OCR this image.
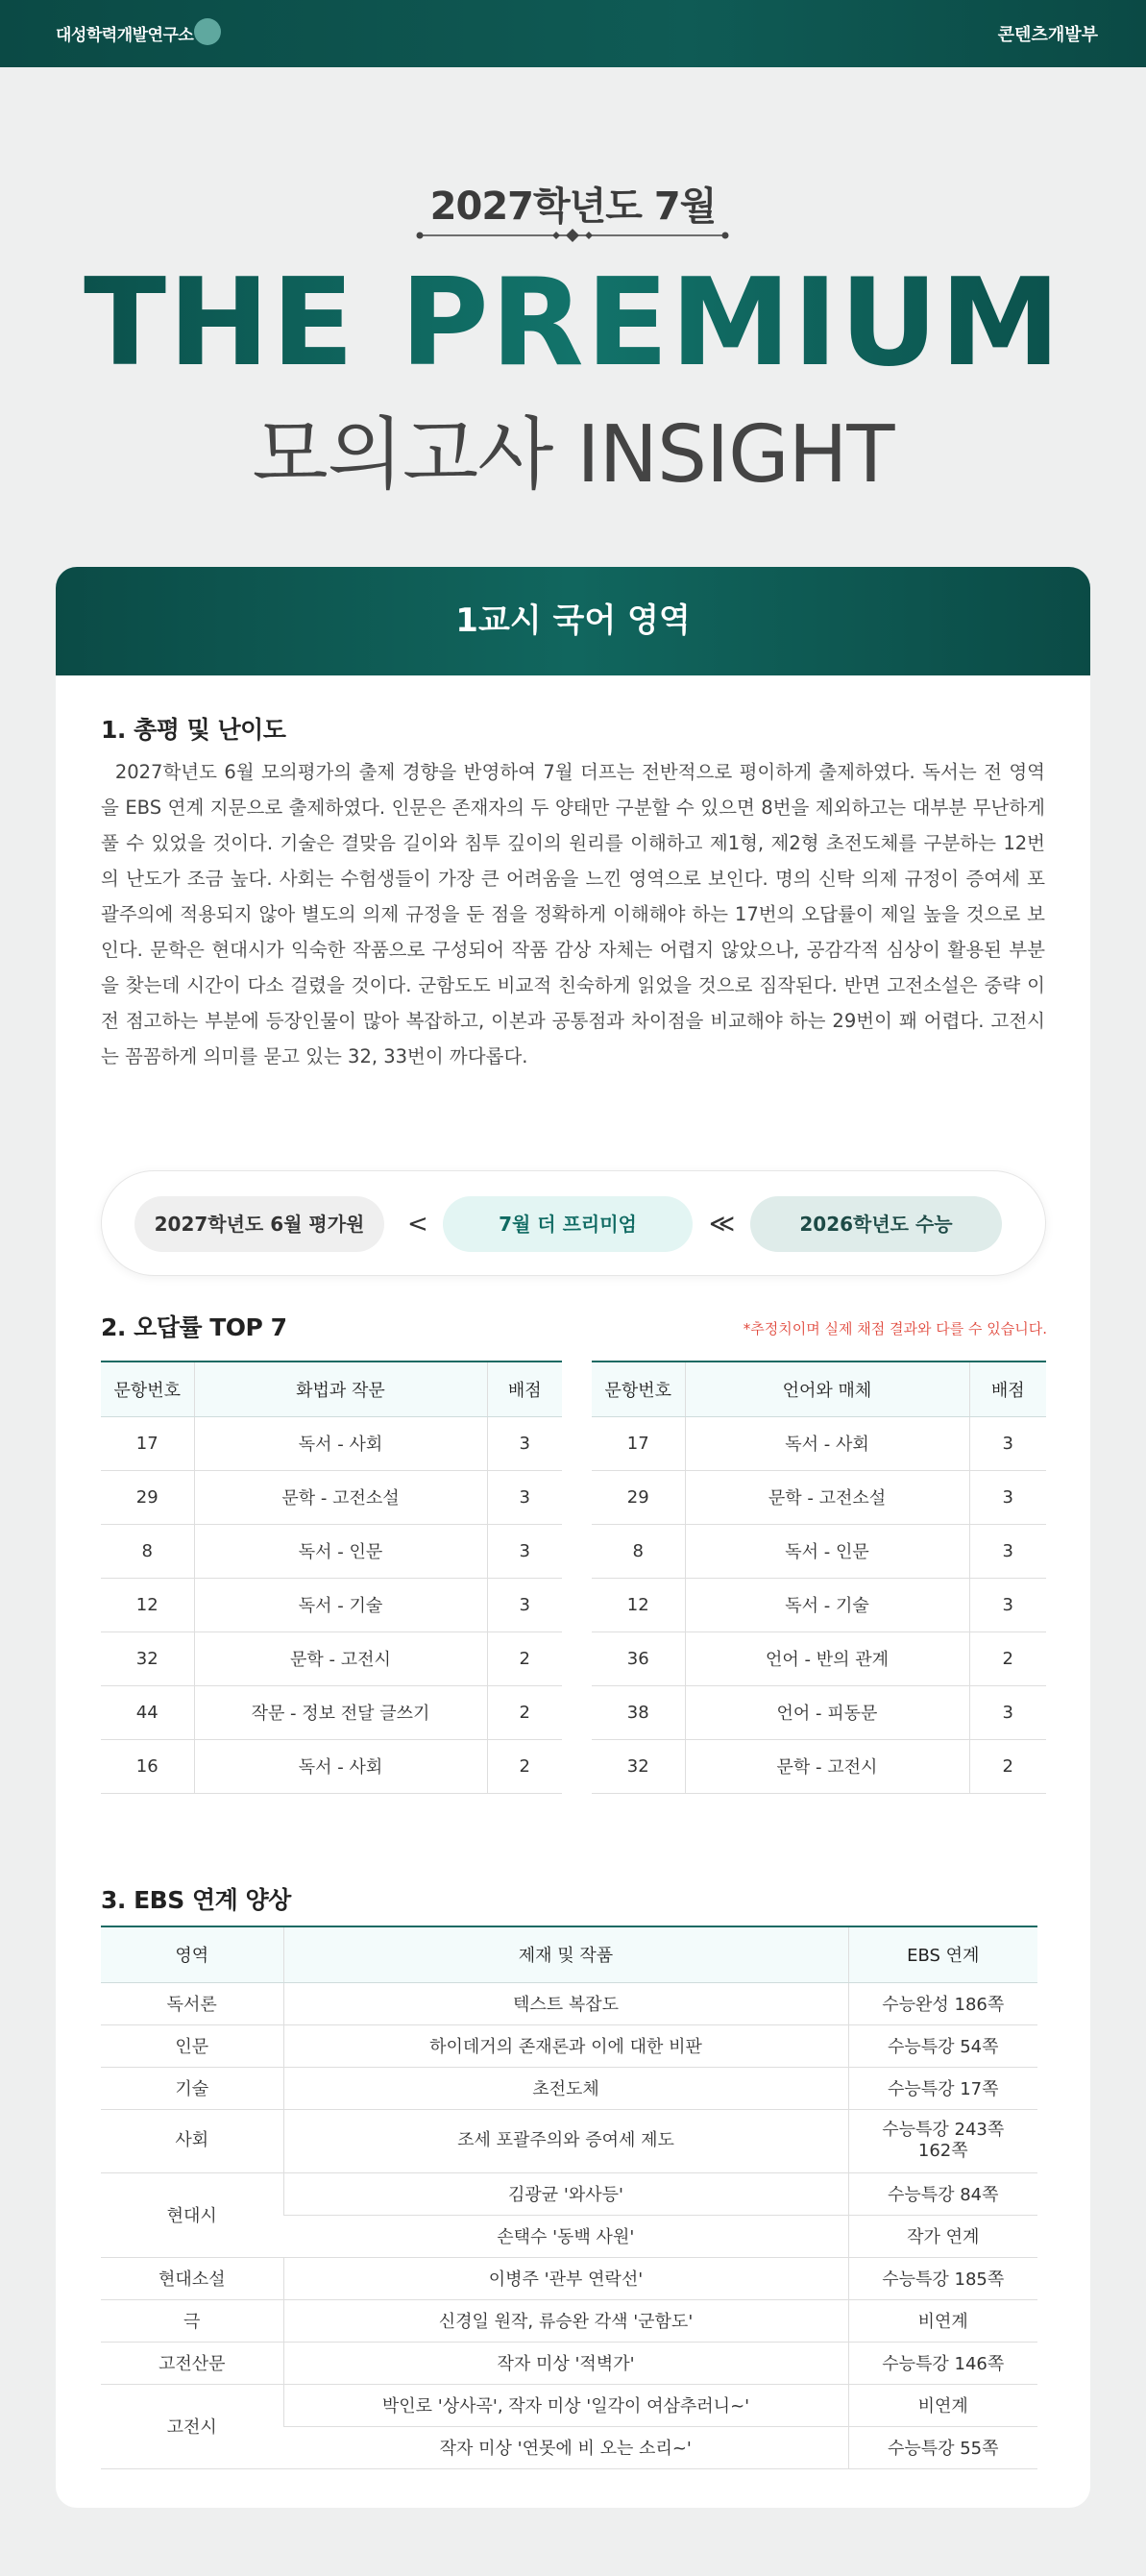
대성학력개발연구소	콘텐츠개발부
2027학년도 7월
THE PREMIUM
모의고사 INSIGHT
1교시 국어 영역
1. 총평 및 난이도

2027학년도 6월 모의평가의 출제 경향을 반영하여 7월 더프는 전반적으로 평이하게 출제하였다. 독서는 전 영역을 EBS 연계 지문으로 출제하였다. 인문은 존재자의 두 양태만 구분할 수 있으면 8번을 제외하고는 대부분 무난하게 풀 수 있었을 것이다. 기술은 결맞음 길이와 침투 깊이의 원리를 이해하고 제1형, 제2형 초전도체를 구분하는 12번의 난도가 조금 높다. 사회는 수험생들이 가장 큰 어려움을 느낀 영역으로 보인다. 명의 신탁 의제 규정이 증여세 포괄주의에 적용되지 않아 별도의 의제 규정을 둔 점을 정확하게 이해해야 하는 17번의 오답률이 제일 높을 것으로 보인다. 문학은 현대시가 익숙한 작품으로 구성되어 작품 감상 자체는 어렵지 않았으나, 공감각적 심상이 활용된 부분을 찾는데 시간이 다소 걸렸을 것이다. 군함도도 비교적 친숙하게 읽었을 것으로 짐작된다. 반면 고전소설은 중략 이전 점고하는 부분에 등장인물이 많아 복잡하고, 이본과 공통점과 차이점을 비교해야 하는 29번이 꽤 어렵다. 고전시는 꼼꼼하게 의미를 묻고 있는 32, 33번이 까다롭다.

2027학년도 6월 평가원	<	7월 더 프리미엄	≪	2026학년도 수능
2. 오답률 TOP 7	*추정치이며 실제 채점 결과와 다를 수 있습니다.
문항번호	화법과 작문	배점
17	독서 - 사회	3
29	문학 - 고전소설	3
8	독서 - 인문	3
12	독서 - 기술	3
32	문학 - 고전시	2
44	작문 - 정보 전달 글쓰기	2
16	독서 - 사회	2
문항번호	언어와 매체	배점
17	독서 - 사회	3
29	문학 - 고전소설	3
8	독서 - 인문	3
12	독서 - 기술	3
36	언어 - 반의 관계	2
38	언어 - 피동문	3
32	문학 - 고전시	2
3. EBS 연계 양상
영역	제재 및 작품	EBS 연계
독서론	텍스트 복잡도	수능완성 186쪽
인문	하이데거의 존재론과 이에 대한 비판	수능특강 54쪽
기술	초전도체	수능특강 17쪽
사회	조세 포괄주의와 증여세 제도	수능특강 243쪽
162쪽
현대시	김광균 '와사등'	수능특강 84쪽
	손택수 '동백 사원'	작가 연계
현대소설	이병주 '관부 연락선'	수능특강 185쪽
극	신경일 원작, 류승완 각색 '군함도'	비연계
고전산문	작자 미상 '적벽가'	수능특강 146쪽
고전시	박인로 '상사곡', 작자 미상 '일각이 여삼추러니~'	비연계
	작자 미상 '연못에 비 오는 소리~'	수능특강 55쪽
